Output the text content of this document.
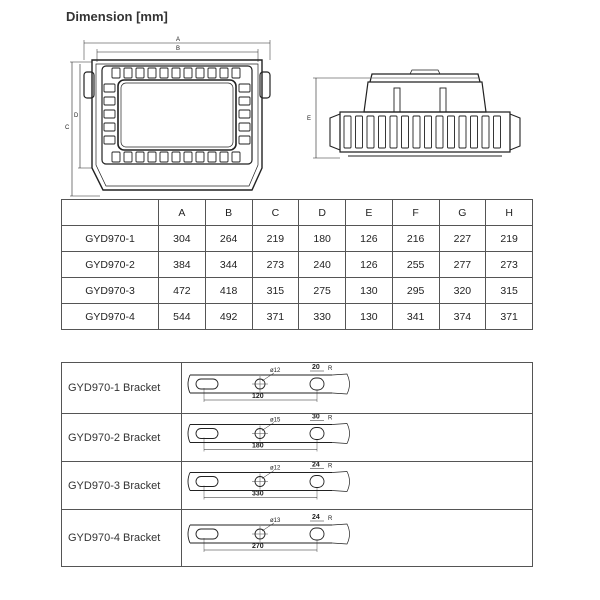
Dimension [mm]
A
B
C
D	E
	A	B	C	D	E	F	G	H
GYD970-1	304	264	219	180	126	216	227	219
GYD970-2	384	344	273	240	126	255	277	273
GYD970-3	472	418	315	275	130	295	320	315
GYD970-4	544	492	371	330	130	341	374	371
GYD970-1 Bracket	120
ø12 20 R

GYD970-2 Bracket	180
ø15 30 R

GYD970-3 Bracket	330
ø12 24 R

GYD970-4 Bracket	270
ø13 24 R
